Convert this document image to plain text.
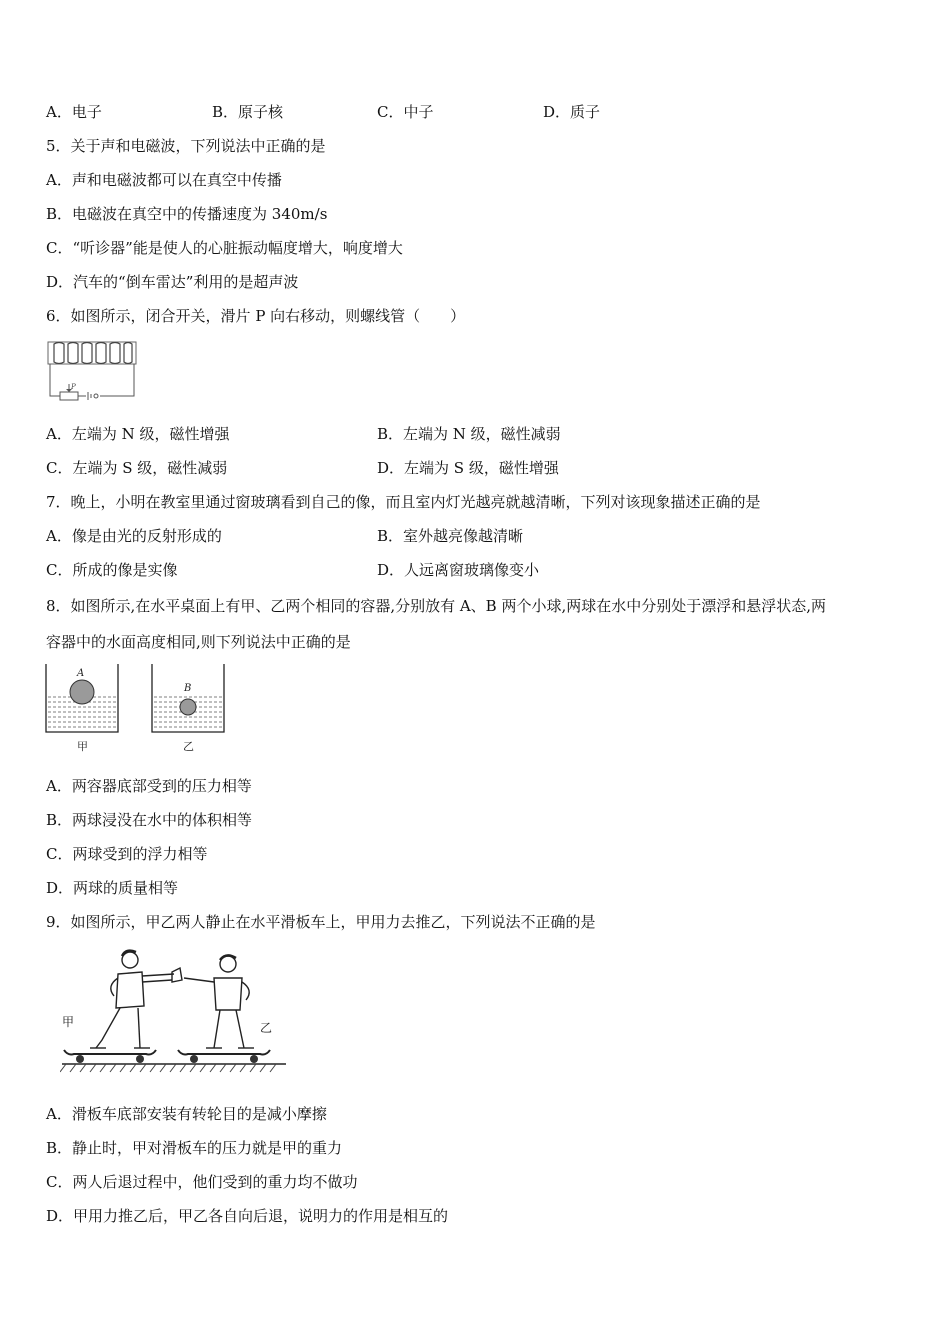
A．电子	B．原子核	C．中子	D．质子
5．关于声和电磁波，下列说法中正确的是
A．声和电磁波都可以在真空中传播
B．电磁波在真空中的传播速度为 340m/s
C．“听诊器”能是使人的心脏振动幅度增大，响度增大
D．汽车的“倒车雷达”利用的是超声波
6．如图所示，闭合开关，滑片 P 向右移动，则螺线管（　　）
P
A．左端为 N 级，磁性增强	B．左端为 N 级，磁性减弱
C．左端为 S 级，磁性减弱	D．左端为 S 级，磁性增强
7．晚上，小明在教室里通过窗玻璃看到自己的像，而且室内灯光越亮就越清晰，下列对该现象描述正确的是
A．像是由光的反射形成的	B．室外越亮像越清晰
C．所成的像是实像	D．人远离窗玻璃像变小
8．如图所示,在水平桌面上有甲、乙两个相同的容器,分别放有 A、B 两个小球,两球在水中分别处于漂浮和悬浮状态,两
容器中的水面高度相同,则下列说法中正确的是
A
B
甲	乙
A．两容器底部受到的压力相等
B．两球浸没在水中的体积相等
C．两球受到的浮力相等
D．两球的质量相等
9．如图所示，甲乙两人静止在水平滑板车上，甲用力去推乙，下列说法不正确的是
甲	乙
A．滑板车底部安装有转轮目的是减小摩擦
B．静止时，甲对滑板车的压力就是甲的重力
C．两人后退过程中，他们受到的重力均不做功
D．甲用力推乙后，甲乙各自向后退，说明力的作用是相互的
